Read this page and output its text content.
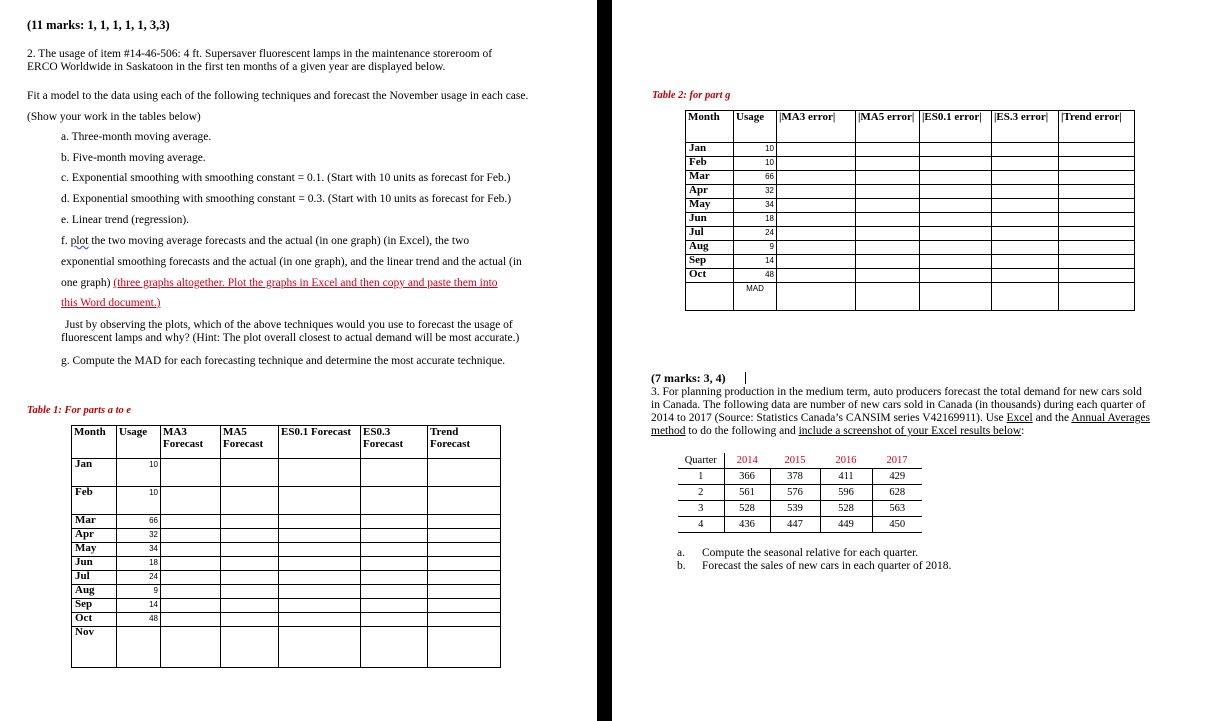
(11 marks: 1, 1, 1, 1, 1, 3,3)
2. The usage of item #14-46-506: 4 ft. Supersaver fluorescent lamps in the maintenance storeroom of
ERCO Worldwide in Saskatoon in the first ten months of a given year are displayed below.
Fit a model to the data using each of the following techniques and forecast the November usage in each case.
(Show your work in the tables below)
a. Three-month moving average.
b. Five-month moving average.
c. Exponential smoothing with smoothing constant = 0.1. (Start with 10 units as forecast for Feb.)
d. Exponential smoothing with smoothing constant = 0.3. (Start with 10 units as forecast for Feb.)
e. Linear trend (regression).
f. plot the two moving average forecasts and the actual (in one graph) (in Excel), the two
exponential smoothing forecasts and the actual (in one graph), and the linear trend and the actual (in
one graph) (three graphs altogether. Plot the graphs in Excel and then copy and paste them into
this Word document.)
Just by observing the plots, which of the above techniques would you use to forecast the usage of
fluorescent lamps and why? (Hint: The plot overall closest to actual demand will be most accurate.)
g. Compute the MAD for each forecasting technique and determine the most accurate technique.
Table 1: For parts a to e
Month	Usage	MA3 Forecast	MA5 Forecast	ES0.1 Forecast	ES0.3 Forecast	Trend Forecast
Jan	10					
Feb	10					
Mar	66					
Apr	32					
May	34					
Jun	18					
Jul	24					
Aug	9					
Sep	14					
Oct	48					
Nov						
Table 2: for part g
Month	Usage	|MA3 error|	|MA5 error|	|ES0.1 error|	|ES.3 error|	|Trend error|
Jan	10					
Feb	10					
Mar	66					
Apr	32					
May	34					
Jun	18					
Jul	24					
Aug	9					
Sep	14					
Oct	48					
	MAD					
(7 marks: 3, 4)
3. For planning production in the medium term, auto producers forecast the total demand for new cars sold
in Canada. The following data are number of new cars sold in Canada (in thousands) during each quarter of
2014 to 2017 (Source: Statistics Canada’s CANSIM series V42169911). Use Excel and the Annual Averages
method to do the following and include a screenshot of your Excel results below:
Quarter	2014	2015	2016	2017
1	366	378	411	429
2	561	576	596	628
3	528	539	528	563
4	436	447	449	450
a. Compute the seasonal relative for each quarter.
b. Forecast the sales of new cars in each quarter of 2018.
